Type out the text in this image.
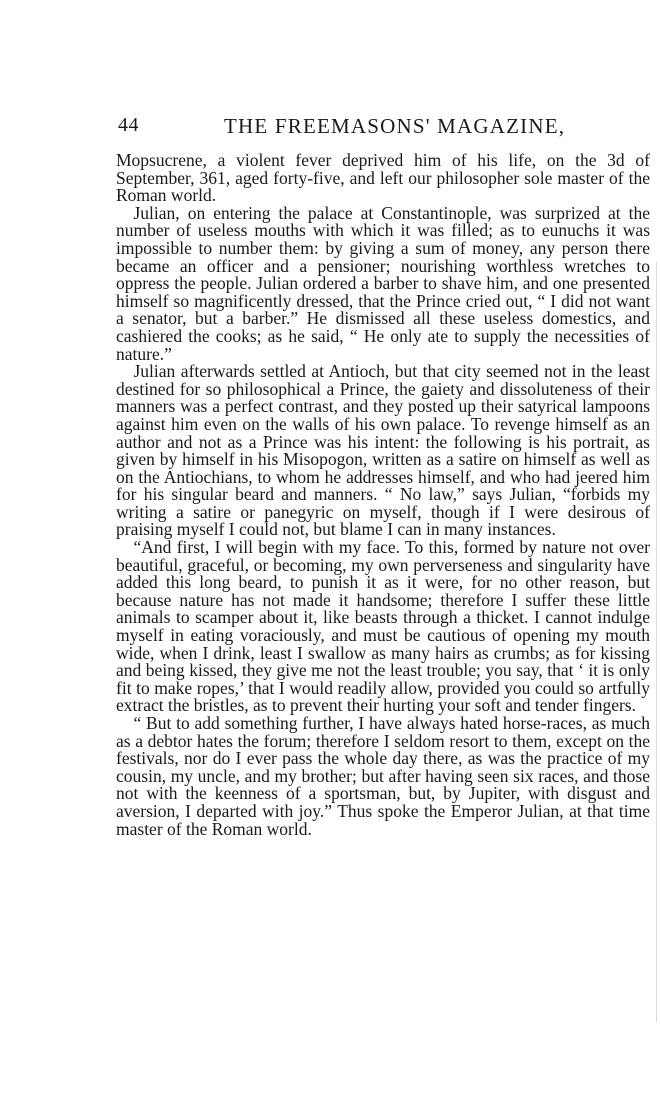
44	THE FREEMASONS' MAGAZINE,

Mopsucrene, a violent fever deprived him of his life, on the 3d of September, 361, aged forty-five, and left our philosopher sole master of the Roman world.

Julian, on entering the palace at Constantinople, was surprized at the number of useless mouths with which it was filled; as to eunuchs it was impossible to number them: by giving a sum of money, any person there became an officer and a pensioner; nourishing worthless wretches to oppress the people. Julian ordered a barber to shave him, and one presented himself so magnificently dressed, that the Prince cried out, “ I did not want a senator, but a barber.” He dismissed all these useless domestics, and cashiered the cooks; as he said, “ He only ate to supply the necessities of nature.”

Julian afterwards settled at Antioch, but that city seemed not in the least destined for so philosophical a Prince, the gaiety and dissoluteness of their manners was a perfect contrast, and they posted up their satyrical lampoons against him even on the walls of his own palace. To revenge himself as an author and not as a Prince was his intent: the following is his portrait, as given by himself in his Misopogon, written as a satire on himself as well as on the Antiochians, to whom he addresses himself, and who had jeered him for his singular beard and manners. “ No law,” says Julian, “forbids my writing a satire or panegyric on myself, though if I were desirous of praising myself I could not, but blame I can in many instances.

“And first, I will begin with my face. To this, formed by nature not over beautiful, graceful, or becoming, my own perverseness and singularity have added this long beard, to punish it as it were, for no other reason, but because nature has not made it handsome; therefore I suffer these little animals to scamper about it, like beasts through a thicket. I cannot indulge myself in eating voraciously, and must be cautious of opening my mouth wide, when I drink, least I swallow as many hairs as crumbs; as for kissing and being kissed, they give me not the least trouble; you say, that ‘ it is only fit to make ropes,’ that I would readily allow, provided you could so artfully extract the bristles, as to prevent their hurting your soft and tender fingers.

“ But to add something further, I have always hated horse-races, as much as a debtor hates the forum; therefore I seldom resort to them, except on the festivals, nor do I ever pass the whole day there, as was the practice of my cousin, my uncle, and my brother; but after having seen six races, and those not with the keenness of a sportsman, but, by Jupiter, with disgust and aversion, I departed with joy.” Thus spoke the Emperor Julian, at that time master of the Roman world.
